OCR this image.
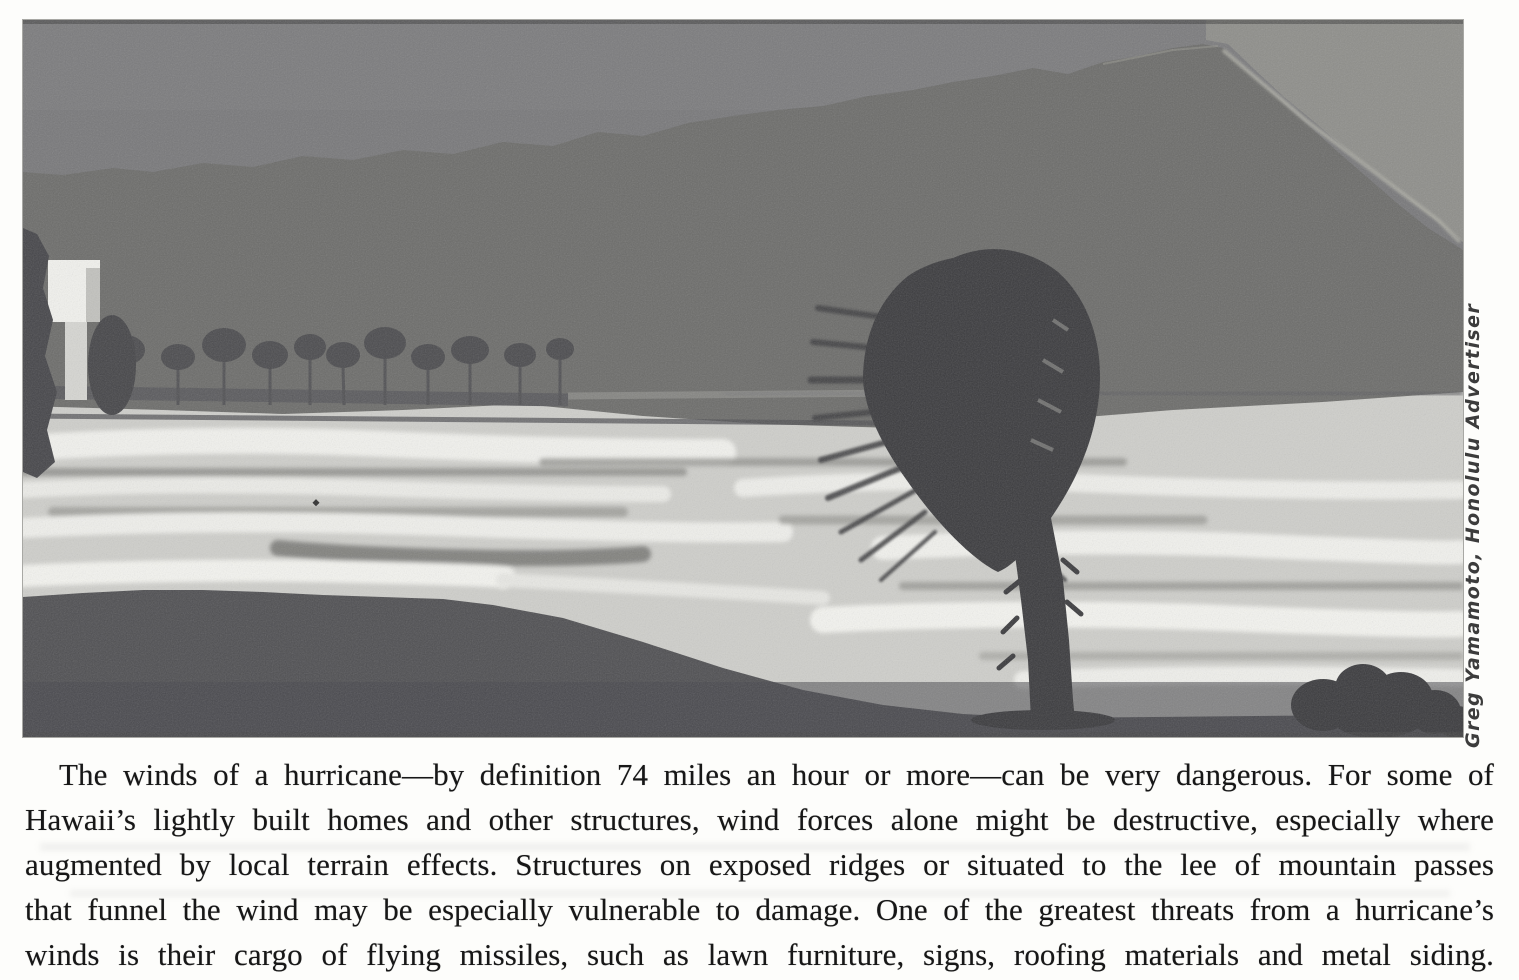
Greg Yamamoto, Honolulu Advertiser
The winds of a hurricane—by definition 74 miles an hour or more—can be very dangerous. For some of
Hawaii’s lightly built homes and other structures, wind forces alone might be destructive, especially where
augmented by local terrain effects. Structures on exposed ridges or situated to the lee of mountain passes
that funnel the wind may be especially vulnerable to damage. One of the greatest threats from a hurricane’s
winds is their cargo of flying missiles, such as lawn furniture, signs, roofing materials and metal siding.
